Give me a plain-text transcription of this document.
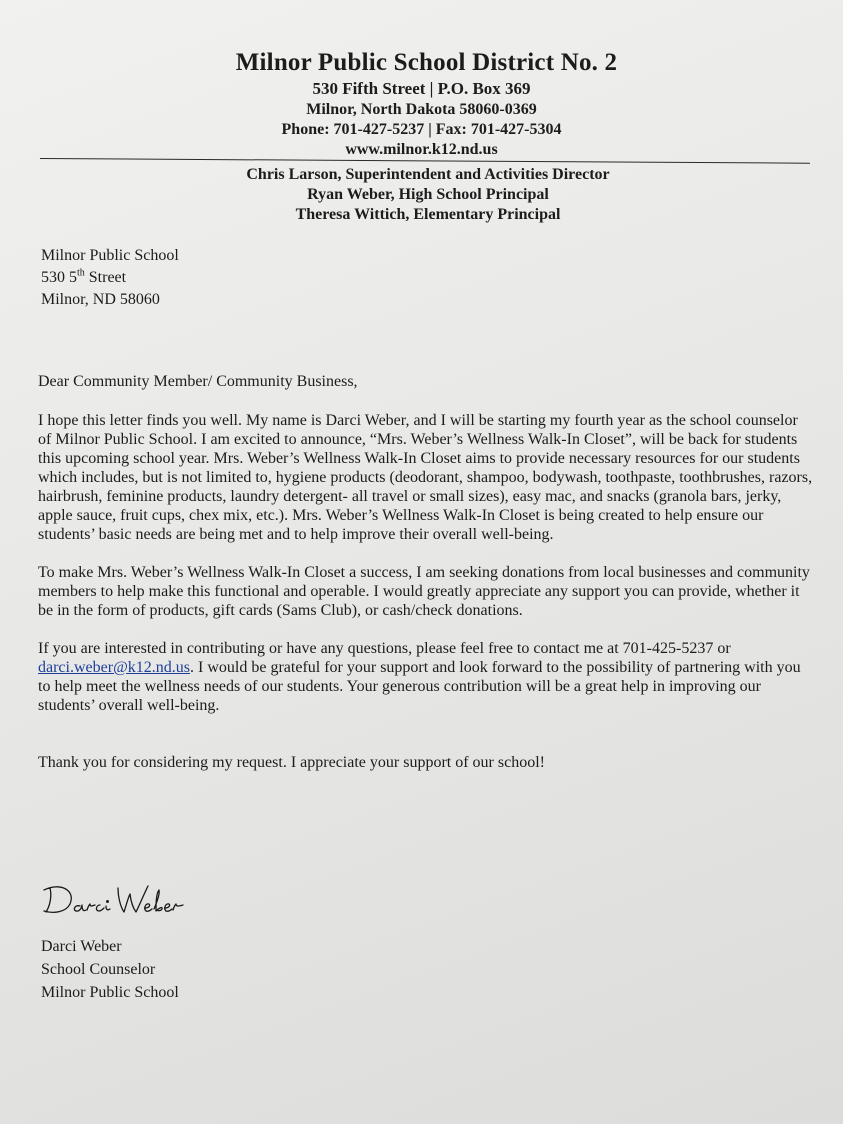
Milnor Public School District No. 2
530 Fifth Street | P.O. Box 369
Milnor, North Dakota 58060-0369
Phone: 701-427-5237 | Fax: 701-427-5304
www.milnor.k12.nd.us
Chris Larson, Superintendent and Activities Director
Ryan Weber, High School Principal
Theresa Wittich, Elementary Principal
Milnor Public School
530 5th Street
Milnor, ND 58060

Dear Community Member/ Community Business,

I hope this letter finds you well. My name is Darci Weber, and I will be starting my fourth year as the school counselor of Milnor Public School. I am excited to announce, “Mrs. Weber’s Wellness Walk-In Closet”, will be back for students this upcoming school year. Mrs. Weber’s Wellness Walk-In Closet aims to provide necessary resources for our students which includes, but is not limited to, hygiene products (deodorant, shampoo, bodywash, toothpaste, toothbrushes, razors, hairbrush, feminine products, laundry detergent- all travel or small sizes), easy mac, and snacks (granola bars, jerky, apple sauce, fruit cups, chex mix, etc.). Mrs. Weber’s Wellness Walk-In Closet is being created to help ensure our students’ basic needs are being met and to help improve their overall well-being.

To make Mrs. Weber’s Wellness Walk-In Closet a success, I am seeking donations from local businesses and community members to help make this functional and operable. I would greatly appreciate any support you can provide, whether it be in the form of products, gift cards (Sams Club), or cash/check donations.

If you are interested in contributing or have any questions, please feel free to contact me at 701-425-5237 or darci.weber@k12.nd.us. I would be grateful for your support and look forward to the possibility of partnering with you to help meet the wellness needs of our students. Your generous contribution will be a great help in improving our students’ overall well-being.

Thank you for considering my request. I appreciate your support of our school!

Darci Weber
School Counselor
Milnor Public School
